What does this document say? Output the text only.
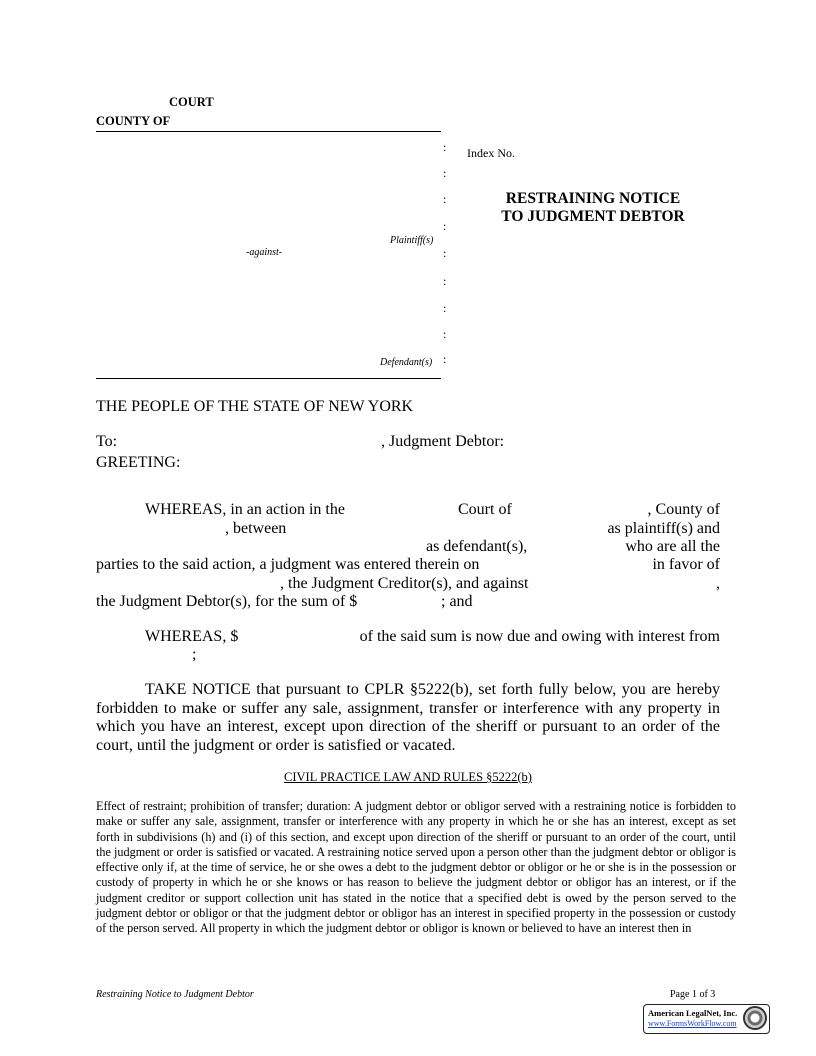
COURT
COUNTY OF
:
:
:
:
:
:
:
:
:
Plaintiff(s)
-against-
Defendant(s)
Index No.
RESTRAINING NOTICE
TO JUDGMENT DEBTOR
THE PEOPLE OF THE STATE OF NEW YORK
To:	, Judgment Debtor:
GREETING:
WHEREAS, in an action in the	Court of	, County of
, between	as plaintiff(s) and
as defendant(s),	who are all the
parties to the said action, a judgment was entered therein on	in favor of
, the Judgment Creditor(s), and against	,
the Judgment Debtor(s), for the sum of $	; and
WHEREAS, $	of the said sum is now due and owing with interest from
;
TAKE NOTICE that pursuant to CPLR §5222(b), set forth fully below, you are hereby forbidden to make or suffer any sale, assignment, transfer or interference with any property in which you have an interest, except upon direction of the sheriff or pursuant to an order of the court, until the judgment or order is satisfied or vacated.
CIVIL PRACTICE LAW AND RULES §5222(b)
Effect of restraint; prohibition of transfer; duration: A judgment debtor or obligor served with a restraining notice is forbidden to make or suffer any sale, assignment, transfer or interference with any property in which he or she has an interest, except as set forth in subdivisions (h) and (i) of this section, and except upon direction of the sheriff or pursuant to an order of the court, until the judgment or order is satisfied or vacated. A restraining notice served upon a person other than the judgment debtor or obligor is effective only if, at the time of service, he or she owes a debt to the judgment debtor or obligor or he or she is in the possession or custody of property in which he or she knows or has reason to believe the judgment debtor or obligor has an interest, or if the judgment creditor or support collection unit has stated in the notice that a specified debt is owed by the person served to the judgment debtor or obligor or that the judgment debtor or obligor has an interest in specified property in the possession or custody of the person served. All property in which the judgment debtor or obligor is known or believed to have an interest then in
Restraining Notice to Judgment Debtor	Page 1 of 3
American LegalNet, Inc.
www.FormsWorkFlow.com
